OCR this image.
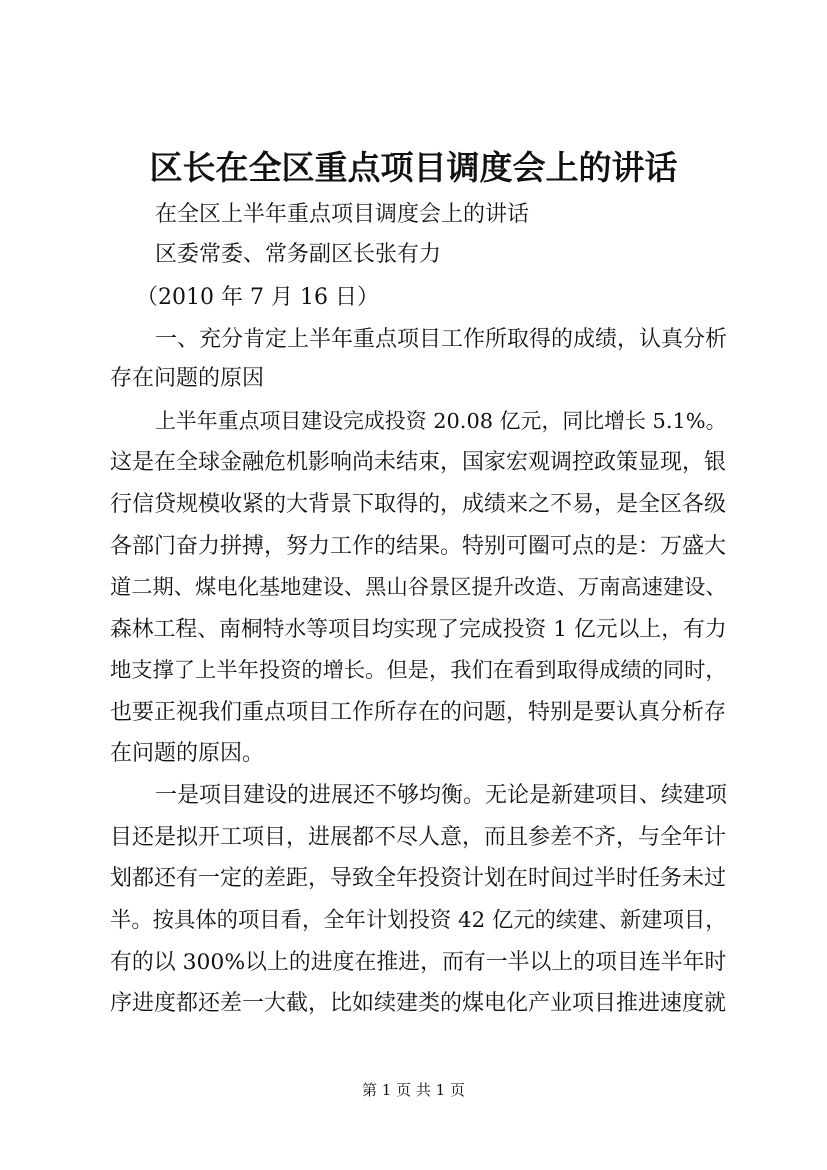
区长在全区重点项目调度会上的讲话
在全区上半年重点项目调度会上的讲话
区委常委、常务副区长张有力
（2010 年 7 月 16 日）
一、充分肯定上半年重点项目工作所取得的成绩，认真分析
存在问题的原因
上半年重点项目建设完成投资 20.08 亿元，同比增长 5.1%。
这是在全球金融危机影响尚未结束，国家宏观调控政策显现，银
行信贷规模收紧的大背景下取得的，成绩来之不易，是全区各级
各部门奋力拼搏，努力工作的结果。特别可圈可点的是：万盛大
道二期、煤电化基地建设、黑山谷景区提升改造、万南高速建设、
森林工程、南桐特水等项目均实现了完成投资 1 亿元以上，有力
地支撑了上半年投资的增长。但是，我们在看到取得成绩的同时，
也要正视我们重点项目工作所存在的问题，特别是要认真分析存
在问题的原因。
一是项目建设的进展还不够均衡。无论是新建项目、续建项
目还是拟开工项目，进展都不尽人意，而且参差不齐，与全年计
划都还有一定的差距，导致全年投资计划在时间过半时任务未过
半。按具体的项目看，全年计划投资 42 亿元的续建、新建项目，
有的以 300%以上的进度在推进，而有一半以上的项目连半年时
序进度都还差一大截，比如续建类的煤电化产业项目推进速度就
第 1 页 共 1 页
